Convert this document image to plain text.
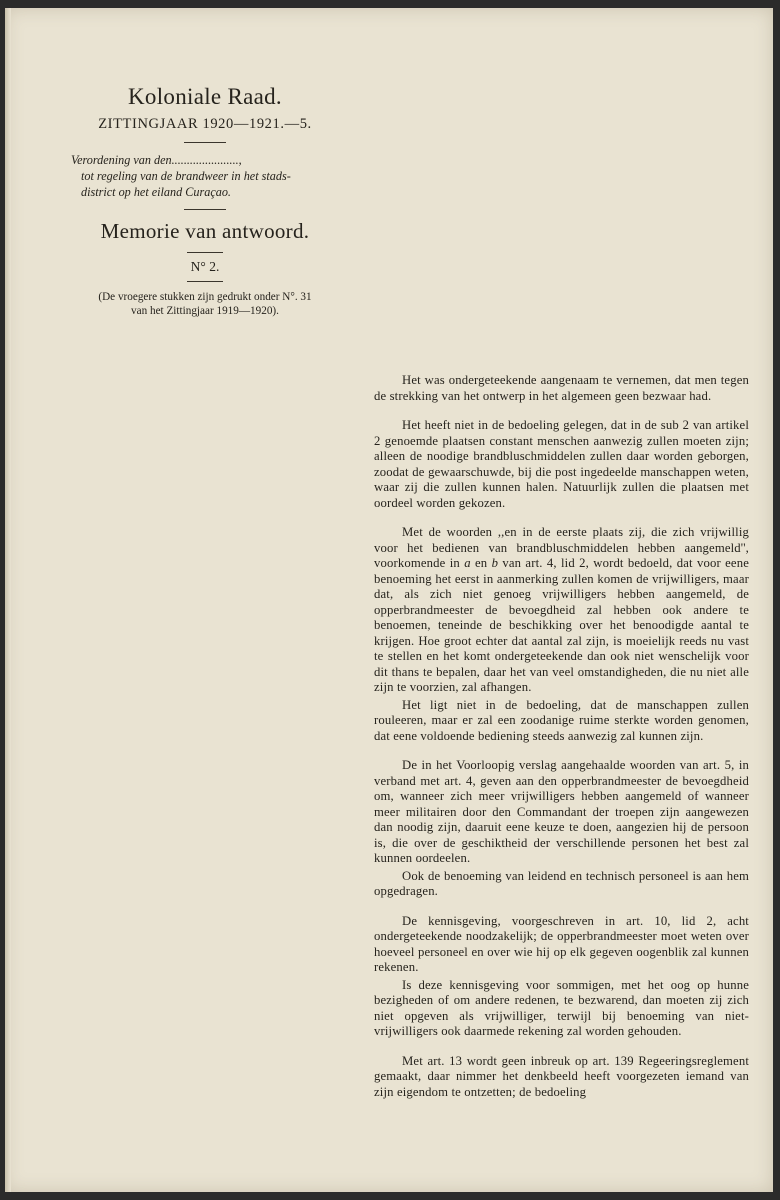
Koloniale Raad.
ZITTINGJAAR 1920—1921.—5.
Verordening van den......................,
tot regeling van de brandweer in het stads-
district op het eiland Curaçao.
Memorie van antwoord.
N° 2.
(De vroegere stukken zijn gedrukt onder N°. 31
van het Zittingjaar 1919—1920).

Het was ondergeteekende aangenaam te vernemen, dat men tegen de strekking van het ontwerp in het algemeen geen bezwaar had.

Het heeft niet in de bedoeling gelegen, dat in de sub 2 van artikel 2 genoemde plaatsen constant menschen aanwezig zullen moeten zijn; alleen de noodige brandbluschmiddelen zullen daar worden geborgen, zoodat de gewaarschuwde, bij die post ingedeelde manschappen weten, waar zij die zullen kunnen halen. Natuurlijk zullen die plaatsen met oordeel worden gekozen.

Met de woorden ,,en in de eerste plaats zij, die zich vrijwillig voor het bedienen van brandbluschmiddelen hebben aangemeld'', voorkomende in a en b van art. 4, lid 2, wordt bedoeld, dat voor eene benoeming het eerst in aanmerking zullen komen de vrijwilligers, maar dat, als zich niet genoeg vrijwilligers hebben aangemeld, de opperbrandmeester de bevoegdheid zal hebben ook andere te benoemen, teneinde de beschikking over het benoodigde aantal te krijgen. Hoe groot echter dat aantal zal zijn, is moeielijk reeds nu vast te stellen en het komt ondergeteekende dan ook niet wenschelijk voor dit thans te bepalen, daar het van veel omstandigheden, die nu niet alle zijn te voorzien, zal afhangen.

Het ligt niet in de bedoeling, dat de manschappen zullen rouleeren, maar er zal een zoodanige ruime sterkte worden genomen, dat eene voldoende bediening steeds aanwezig zal kunnen zijn.

De in het Voorloopig verslag aangehaalde woorden van art. 5, in verband met art. 4, geven aan den opperbrandmeester de bevoegdheid om, wanneer zich meer vrijwilligers hebben aangemeld of wanneer meer militairen door den Commandant der troepen zijn aangewezen dan noodig zijn, daaruit eene keuze te doen, aangezien hij de persoon is, die over de geschiktheid der verschillende personen het best zal kunnen oordeelen.

Ook de benoeming van leidend en technisch personeel is aan hem opgedragen.

De kennisgeving, voorgeschreven in art. 10, lid 2, acht ondergeteekende noodzakelijk; de opperbrandmeester moet weten over hoeveel personeel en over wie hij op elk gegeven oogenblik zal kunnen rekenen.

Is deze kennisgeving voor sommigen, met het oog op hunne bezigheden of om andere redenen, te bezwarend, dan moeten zij zich niet opgeven als vrijwilliger, terwijl bij benoeming van niet-vrijwilligers ook daarmede rekening zal worden gehouden.

Met art. 13 wordt geen inbreuk op art. 139 Regeeringsreglement gemaakt, daar nimmer het denkbeeld heeft voorgezeten iemand van zijn eigendom te ontzetten; de bedoeling
